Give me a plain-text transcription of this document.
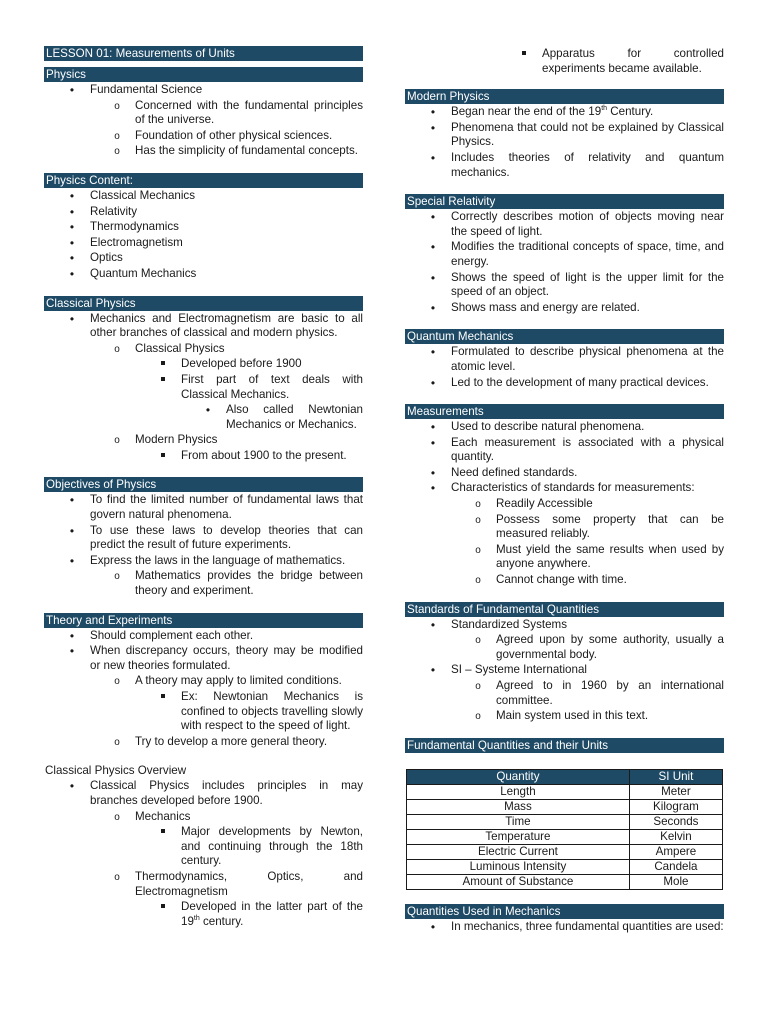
LESSON 01: Measurements of Units
Physics
•
Fundamental Science
o
Concerned with the fundamental principles of the universe.
o
Foundation of other physical sciences.
o
Has the simplicity of fundamental concepts.
Physics Content:
•
Classical Mechanics
•
Relativity
•
Thermodynamics
•
Electromagnetism
•
Optics
•
Quantum Mechanics
Classical Physics
•
Mechanics and Electromagnetism are basic to all other branches of classical and modern physics.
o
Classical Physics
Developed before 1900
First part of text deals with Classical Mechanics.
•
Also called Newtonian Mechanics or Mechanics.
o
Modern Physics
From about 1900 to the present.
Objectives of Physics
•
To find the limited number of fundamental laws that govern natural phenomena.
•
To use these laws to develop theories that can predict the result of future experiments.
•
Express the laws in the language of mathematics.
o
Mathematics provides the bridge between theory and experiment.
Theory and Experiments
•
Should complement each other.
•
When discrepancy occurs, theory may be modified or new theories formulated.
o
A theory may apply to limited conditions.
Ex: Newtonian Mechanics is confined to objects travelling slowly with respect to the speed of light.
o
Try to develop a more general theory.
Classical Physics Overview
•
Classical Physics includes principles in may branches developed before 1900.
o
Mechanics
Major developments by Newton, and continuing through the 18th century.
o
Thermodynamics, Optics, and Electromagnetism
Developed in the latter part of the 19th century.
Apparatus for controlled experiments became available.
Modern Physics
•
Began near the end of the 19th Century.
•
Phenomena that could not be explained by Classical Physics.
•
Includes theories of relativity and quantum mechanics.
Special Relativity
•
Correctly describes motion of objects moving near the speed of light.
•
Modifies the traditional concepts of space, time, and energy.
•
Shows the speed of light is the upper limit for the speed of an object.
•
Shows mass and energy are related.
Quantum Mechanics
•
Formulated to describe physical phenomena at the atomic level.
•
Led to the development of many practical devices.
Measurements
•
Used to describe natural phenomena.
•
Each measurement is associated with a physical quantity.
•
Need defined standards.
•
Characteristics of standards for measurements:
o
Readily Accessible
o
Possess some property that can be measured reliably.
o
Must yield the same results when used by anyone anywhere.
o
Cannot change with time.
Standards of Fundamental Quantities
•
Standardized Systems
o
Agreed upon by some authority, usually a governmental body.
•
SI – Systeme International
o
Agreed to in 1960 by an international committee.
o
Main system used in this text.
Fundamental Quantities and their Units
Quantity	SI Unit
Length	Meter
Mass	Kilogram
Time	Seconds
Temperature	Kelvin
Electric Current	Ampere
Luminous Intensity	Candela
Amount of Substance	Mole
Quantities Used in Mechanics
•
In mechanics, three fundamental quantities are used:
